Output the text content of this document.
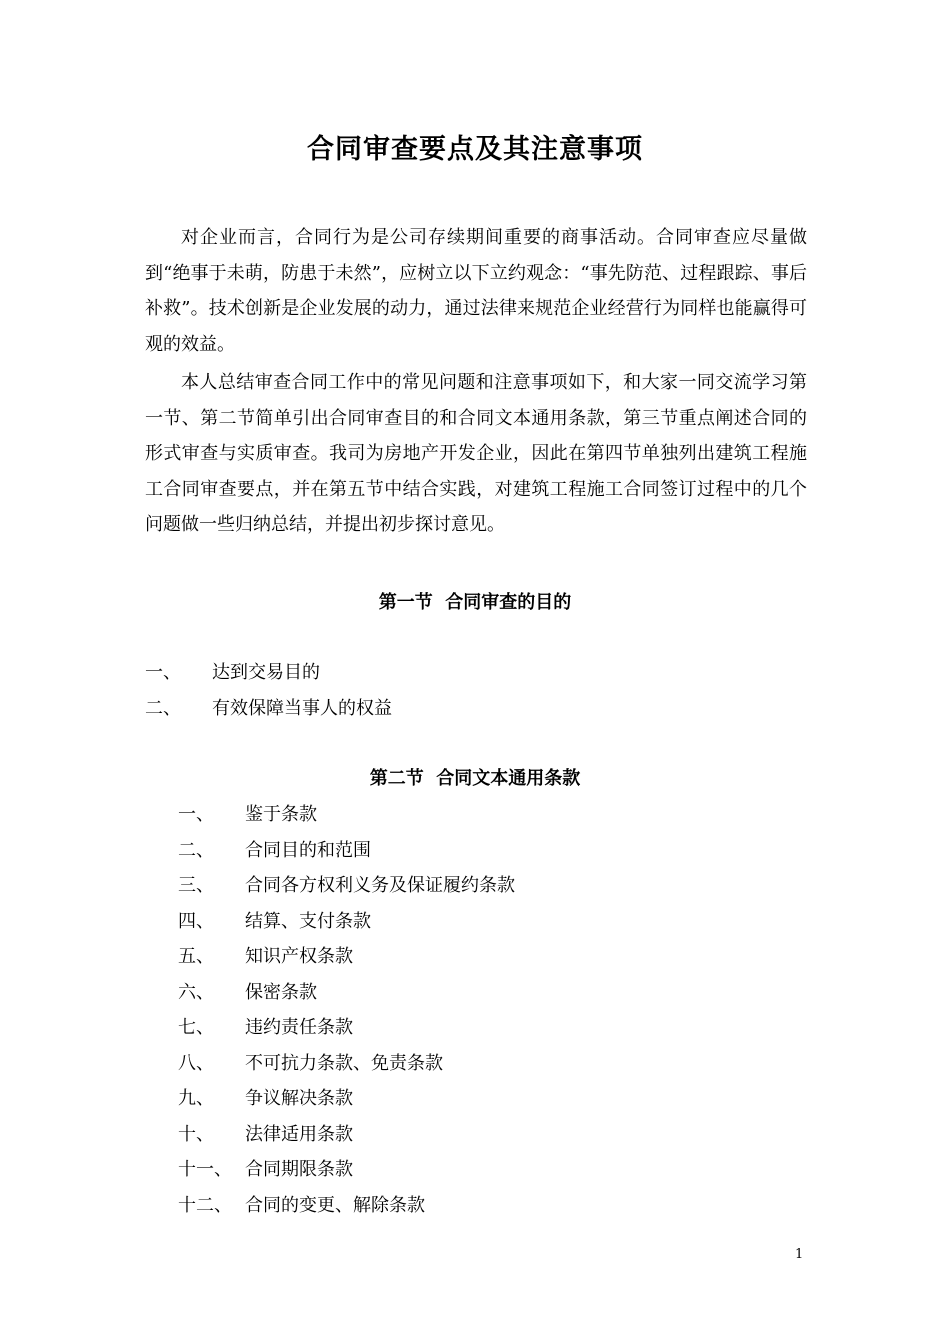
合同审查要点及其注意事项

对企业而言，合同行为是公司存续期间重要的商事活动。合同审查应尽量做到“绝事于未萌，防患于未然”，应树立以下立约观念：“事先防范、过程跟踪、事后补救”。技术创新是企业发展的动力，通过法律来规范企业经营行为同样也能赢得可观的效益。

本人总结审查合同工作中的常见问题和注意事项如下，和大家一同交流学习第一节、第二节简单引出合同审查目的和合同文本通用条款，第三节重点阐述合同的形式审查与实质审查。我司为房地产开发企业，因此在第四节单独列出建筑工程施工合同审查要点，并在第五节中结合实践，对建筑工程施工合同签订过程中的几个问题做一些归纳总结，并提出初步探讨意见。

第一节  合同审查的目的
一、 达到交易目的
二、 有效保障当事人的权益
第二节  合同文本通用条款
一、 鉴于条款
二、 合同目的和范围
三、 合同各方权利义务及保证履约条款
四、 结算、支付条款
五、 知识产权条款
六、 保密条款
七、 违约责任条款
八、 不可抗力条款、免责条款
九、 争议解决条款
十、 法律适用条款
十一、 合同期限条款
十二、 合同的变更、解除条款
1
